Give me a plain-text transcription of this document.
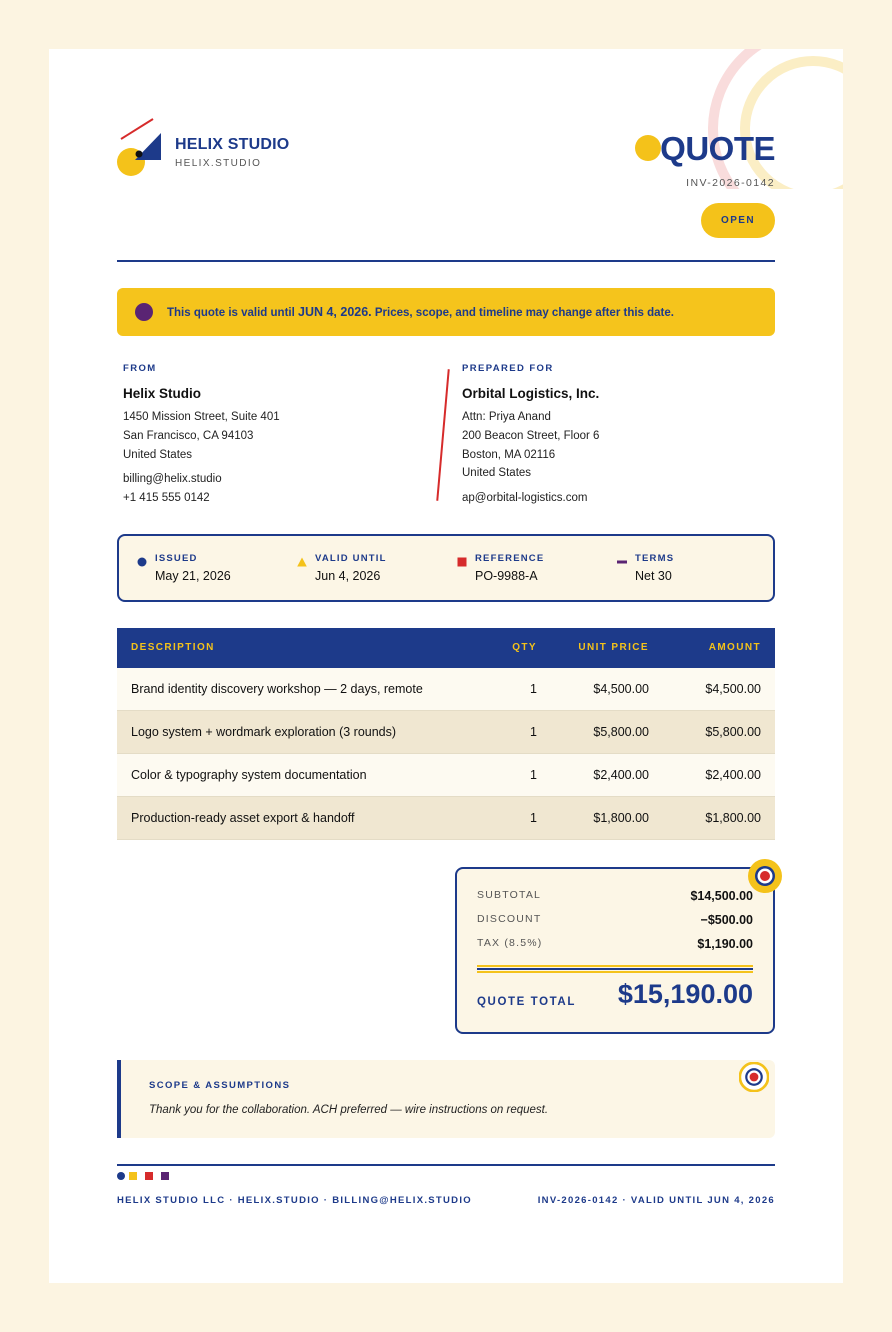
HELIX STUDIO
HELIX.STUDIO	QUOTE
INV-2026-0142
OPEN
This quote is valid until JUN 4, 2026. Prices, scope, and timeline may change after this date.
FROM
Helix Studio
1450 Mission Street, Suite 401
San Francisco, CA 94103
United States
billing@helix.studio
+1 415 555 0142
PREPARED FOR
Orbital Logistics, Inc.
Attn: Priya Anand
200 Beacon Street, Floor 6
Boston, MA 02116
United States
ap@orbital-logistics.com
ISSUED
May 21, 2026
VALID UNTIL
Jun 4, 2026
REFERENCE
PO-9988-A
TERMS
Net 30
DESCRIPTION	QTY	UNIT PRICE	AMOUNT
Brand identity discovery workshop — 2 days, remote	1	$4,500.00	$4,500.00
Logo system + wordmark exploration (3 rounds)	1	$5,800.00	$5,800.00
Color & typography system documentation	1	$2,400.00	$2,400.00
Production-ready asset export & handoff	1	$1,800.00	$1,800.00
SUBTOTAL	$14,500.00
DISCOUNT	−$500.00
TAX (8.5%)	$1,190.00
QUOTE TOTAL $15,190.00
SCOPE & ASSUMPTIONS
Thank you for the collaboration. ACH preferred — wire instructions on request.
HELIX STUDIO LLC · HELIX.STUDIO · BILLING@HELIX.STUDIO	INV-2026-0142 · VALID UNTIL JUN 4, 2026
